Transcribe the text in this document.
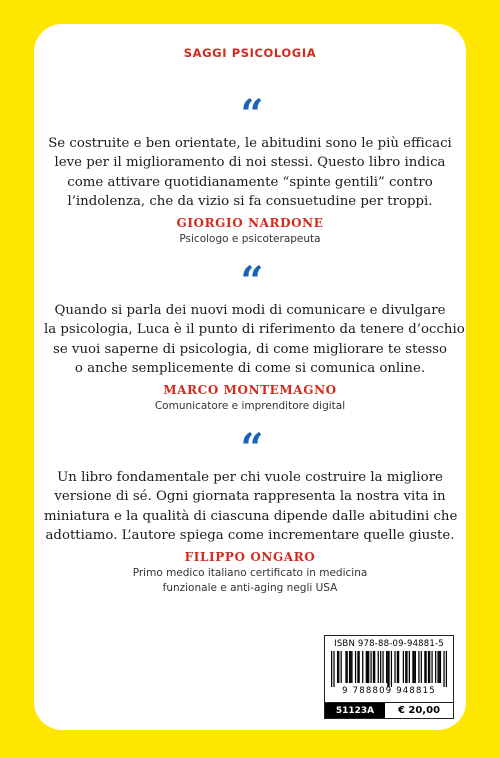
SAGGI PSICOLOGIA
“
Se costruite e ben orientate, le abitudini sono le più efficaci
leve per il miglioramento di noi stessi. Questo libro indica
come attivare quotidianamente “spinte gentili” contro
l’indolenza, che da vizio si fa consuetudine per troppi.
GIORGIO NARDONE
Psicologo e psicoterapeuta
“
Quando si parla dei nuovi modi di comunicare e divulgare
la psicologia, Luca è il punto di riferimento da tenere d’occhio
se vuoi saperne di psicologia, di come migliorare te stesso
o anche semplicemente di come si comunica online.
MARCO MONTEMAGNO
Comunicatore e imprenditore digital
“
Un libro fondamentale per chi vuole costruire la migliore
versione di sé. Ogni giornata rappresenta la nostra vita in
miniatura e la qualità di ciascuna dipende dalle abitudini che
adottiamo. L’autore spiega come incrementare quelle giuste.
FILIPPO ONGARO
Primo medico italiano certificato in medicina
funzionale e anti-aging negli USA
ISBN 978-88-09-94881-5
9 788809 948815
51123A	€ 20,00
